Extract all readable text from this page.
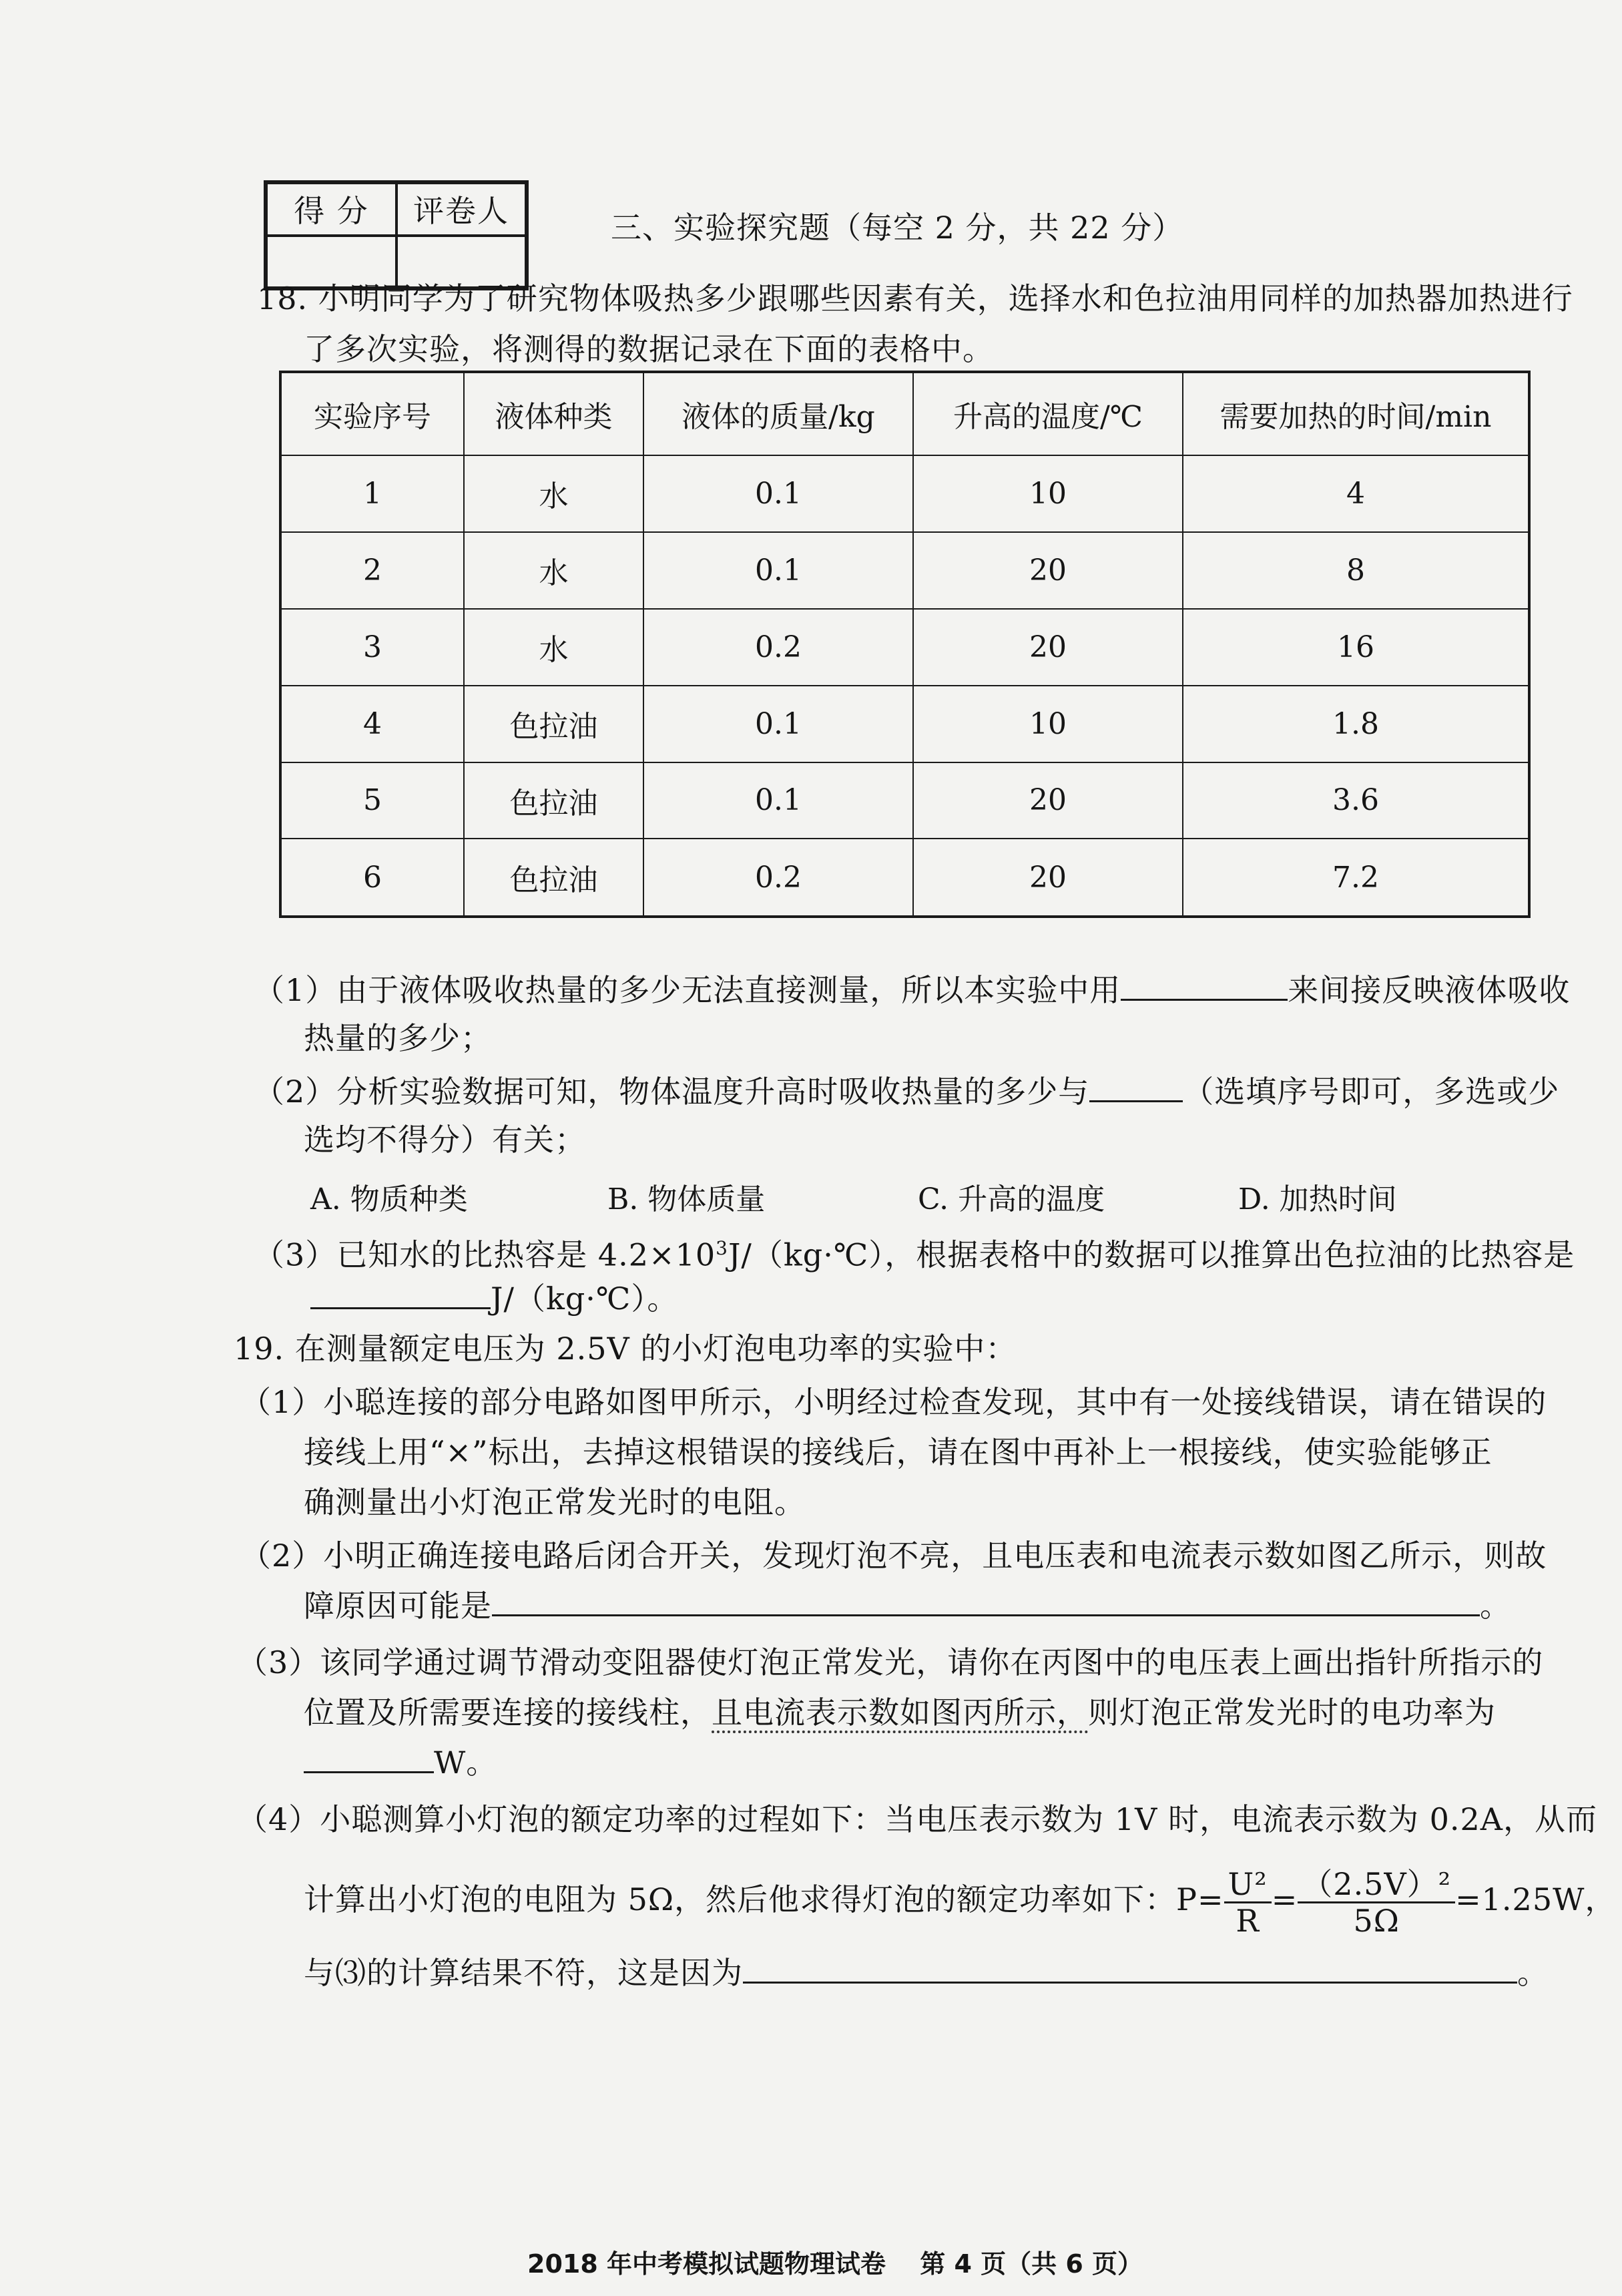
得 分	评卷人	三、实验探究题（每空 2 分，共 22 分）
18. 小明同学为了研究物体吸热多少跟哪些因素有关，选择水和色拉油用同样的加热器加热进行
了多次实验，将测得的数据记录在下面的表格中。
实验序号	液体种类	液体的质量/kg	升高的温度/℃	需要加热的时间/min
1	水	0.1	10	4
2	水	0.1	20	8
3	水	0.2	20	16
4	色拉油	0.1	10	1.8
5	色拉油	0.1	20	3.6
6	色拉油	0.2	20	7.2
（1）由于液体吸收热量的多少无法直接测量，所以本实验中用	来间接反映液体吸收
热量的多少；
（2）分析实验数据可知，物体温度升高时吸收热量的多少与	（选填序号即可，多选或少
选均不得分）有关；
A. 物质种类	B. 物体质量	C. 升高的温度	D. 加热时间
（3）已知水的比热容是 $4.2\times 10^3J/(kg\cdot℃)$，根据表格中的数据可以推算出色拉油的比热容是
J/（kg·℃）。
19. 在测量额定电压为 2.5V 的小灯泡电功率的实验中：
（1）小聪连接的部分电路如图甲所示，小明经过检查发现，其中有一处接线错误，请在错误的
接线上用“×”标出，去掉这根错误的接线后，请在图中再补上一根接线，使实验能够正
确测量出小灯泡正常发光时的电阻。
（2）小明正确连接电路后闭合开关，发现灯泡不亮，且电压表和电流表示数如图乙所示，则故
障原因可能是	。
（3）该同学通过调节滑动变阻器使灯泡正常发光，请你在丙图中的电压表上画出指针所指示的
位置及所需要连接的接线柱，且电流表示数如图丙所示，则灯泡正常发光时的电功率为
W。
（4）小聪测算小灯泡的额定功率的过程如下：当电压表示数为 1V 时，电流表示数为 0.2A，从而
计算出小灯泡的电阻为 5Ω，然后他求得灯泡的额定功率如下：$P= \frac{\text{U²}}{R} = \frac{\text{（2.5V）²}}{5\Omega} =1.25W$，
与⑶的计算结果不符，这是因为	。
2018 年中考模拟试题物理试卷 　第 4 页（共 6 页）
